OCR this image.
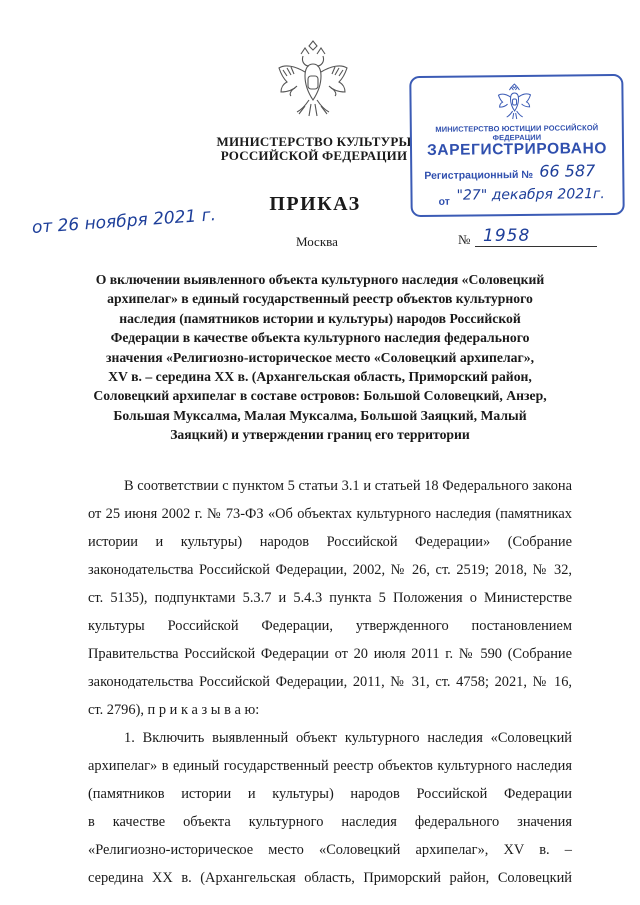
МИНИСТЕРСТВО КУЛЬТУРЫ
РОССИЙСКОЙ ФЕДЕРАЦИИ
ПРИКАЗ
от 26 ноября 2021 г.
Москва	№ 1958
МИНИСТЕРСТВО ЮСТИЦИИ РОССИЙСКОЙ ФЕДЕРАЦИИ
ЗАРЕГИСТРИРОВАНО
Регистрационный № 66 587
от "27" декабря 2021г.
О включении выявленного объекта культурного наследия «Соловецкий
архипелаг» в единый государственный реестр объектов культурного
наследия (памятников истории и культуры) народов Российской
Федерации в качестве объекта культурного наследия федерального
значения «Религиозно-историческое место «Соловецкий архипелаг»,
XV в. – середина XX в. (Архангельская область, Приморский район,
Соловецкий архипелаг в составе островов: Большой Соловецкий, Анзер,
Большая Муксалма, Малая Муксалма, Большой Заяцкий, Малый
Заяцкий) и утверждении границ его территории
В соответствии с пунктом 5 статьи 3.1 и статьей 18 Федерального закона
от 25 июня 2002 г. № 73-ФЗ «Об объектах культурного наследия (памятниках
истории и культуры) народов Российской Федерации» (Собрание
законодательства Российской Федерации, 2002, № 26, ст. 2519; 2018, № 32,
ст. 5135), подпунктами 5.3.7 и 5.4.3 пункта 5 Положения о Министерстве
культуры Российской Федерации, утвержденного постановлением
Правительства Российской Федерации от 20 июля 2011 г. № 590 (Собрание
законодательства Российской Федерации, 2011, № 31, ст. 4758; 2021, № 16,
ст. 2796), п р и к а з ы в а ю:
1. Включить выявленный объект культурного наследия «Соловецкий
архипелаг» в единый государственный реестр объектов культурного наследия
(памятников истории и культуры) народов Российской Федерации
в качестве объекта культурного наследия федерального значения
«Религиозно-историческое место «Соловецкий архипелаг», XV в. –
середина XX в. (Архангельская область, Приморский район, Соловецкий
